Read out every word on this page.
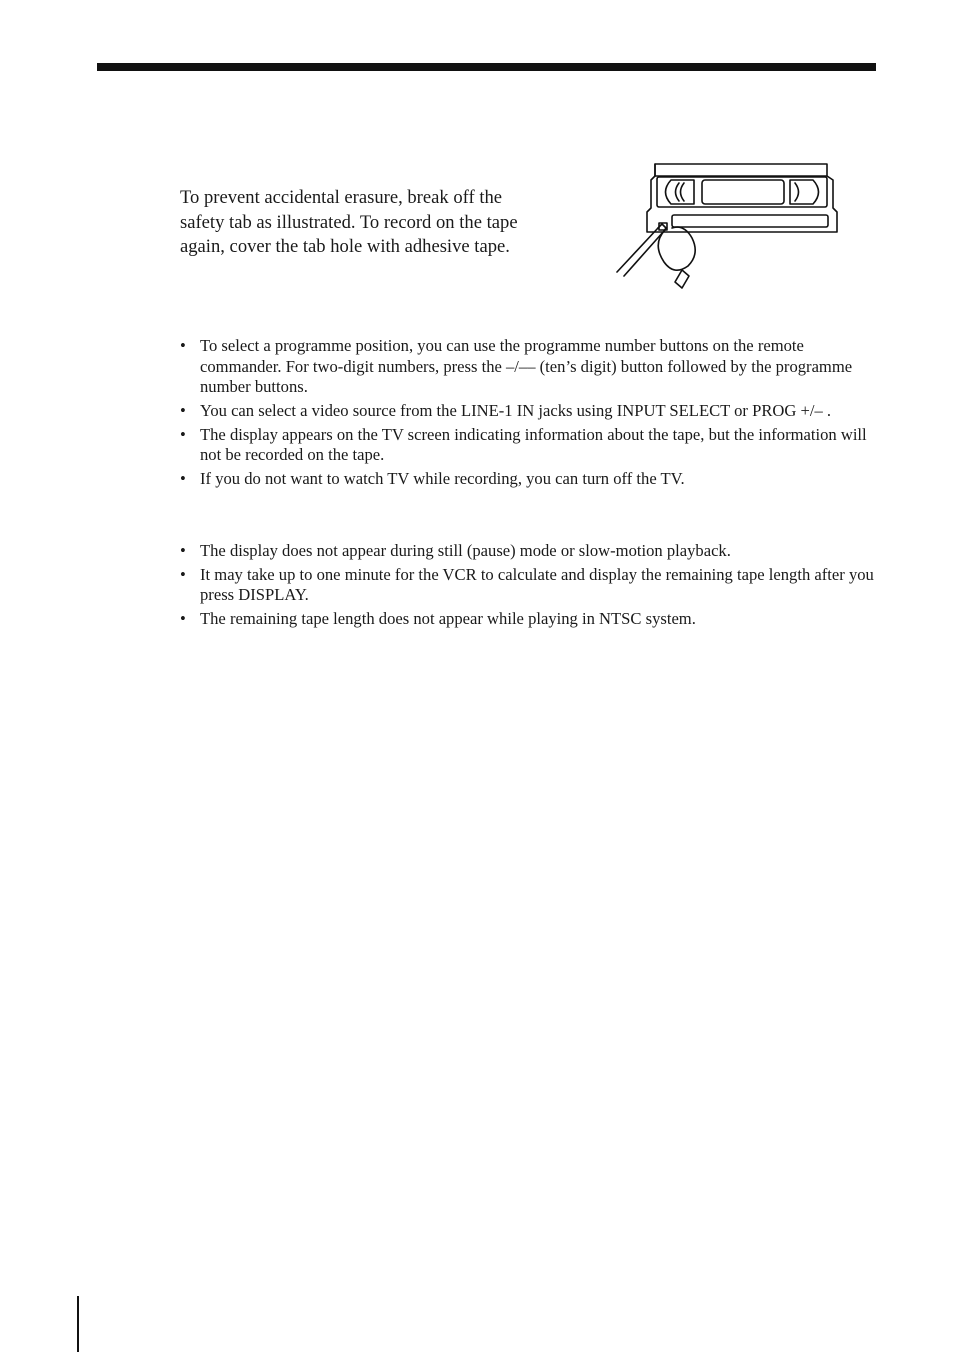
To prevent accidental erasure, break off the
safety tab as illustrated. To record on the tape
again, cover the tab hole with adhesive tape.

• To select a programme position, you can use the programme number buttons on the remote commander. For two-digit numbers, press the –/–– (ten’s digit) button followed by the programme number buttons.
• You can select a video source from the LINE-1 IN jacks using INPUT SELECT or PROG +/– .
• The display appears on the TV screen indicating information about the tape, but the information will not be recorded on the tape.
• If you do not want to watch TV while recording, you can turn off the TV.
• The display does not appear during still (pause) mode or slow-motion playback.
• It may take up to one minute for the VCR to calculate and display the remaining tape length after you press DISPLAY.
• The remaining tape length does not appear while playing in NTSC system.
